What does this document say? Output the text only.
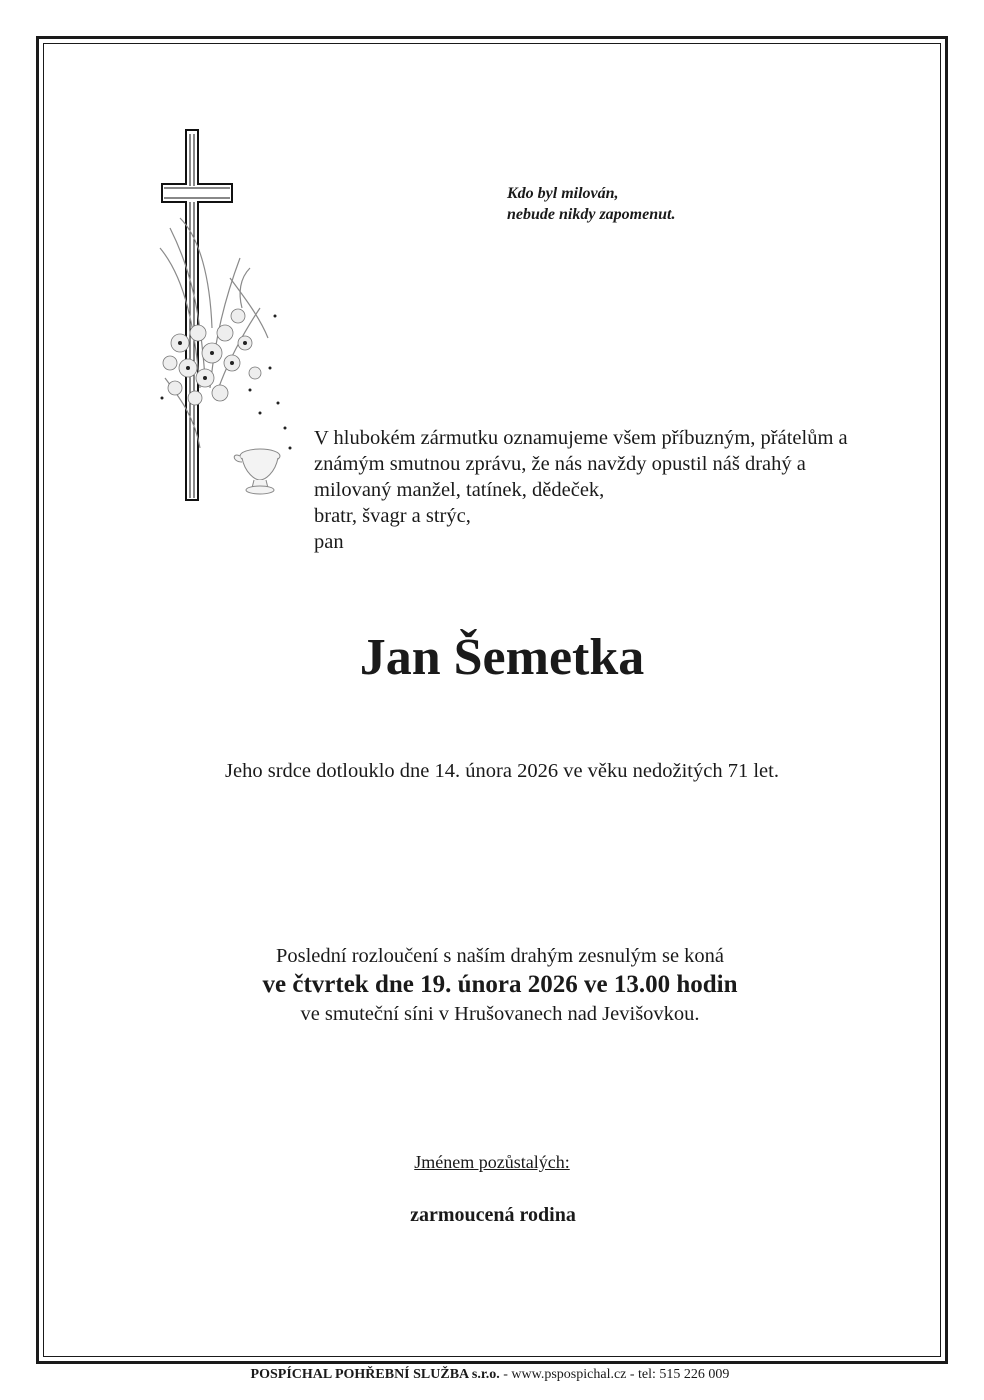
Kdo byl milován,
nebude nikdy zapomenut.
V hlubokém zármutku oznamujeme všem příbuzným, přátelům a
známým smutnou zprávu, že nás navždy opustil náš drahý a
milovaný manžel, tatínek, dědeček,
bratr, švagr a strýc,
pan
Jan Šemetka
Jeho srdce dotlouklo dne 14. února 2026 ve věku nedožitých 71 let.
Poslední rozloučení s naším drahým zesnulým se koná
ve čtvrtek dne 19. února 2026 ve 13.00 hodin
ve smuteční síni v Hrušovanech nad Jevišovkou.
Jménem pozůstalých:
zarmoucená rodina
POSPÍCHAL POHŘEBNÍ SLUŽBA s.r.o. - www.pspospichal.cz - tel: 515 226 009
